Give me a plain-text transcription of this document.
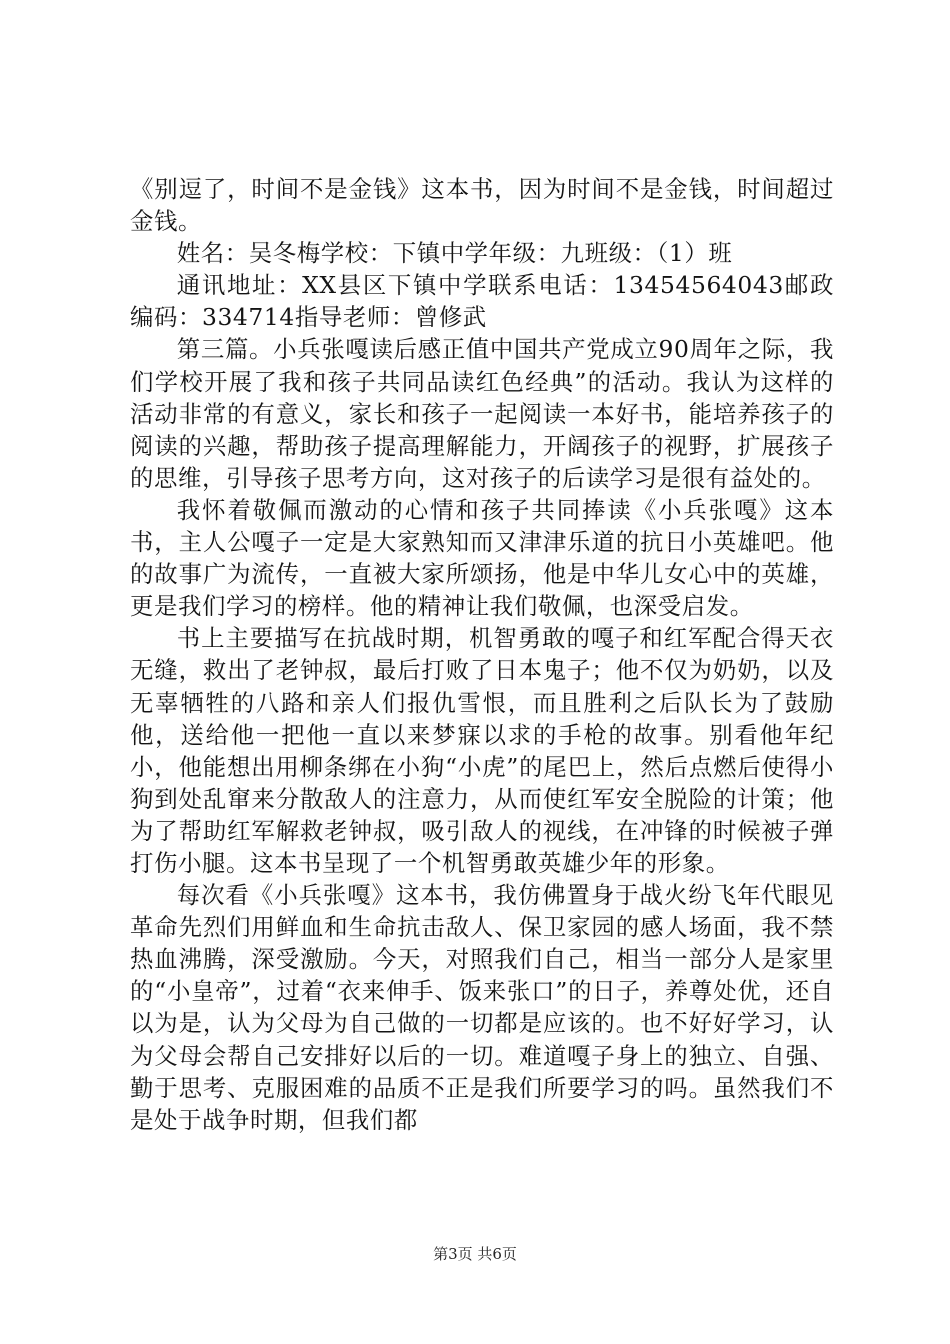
《别逗了，时间不是金钱》这本书，因为时间不是金钱，时间超过金钱。

姓名：吴冬梅学校：下镇中学年级：九班级：（1）班

通讯地址：XX县区下镇中学联系电话：13454564043邮政编码：334714指导老师：曾修武

第三篇。小兵张嘎读后感正值中国共产党成立90周年之际，我们学校开展了我和孩子共同品读红色经典”的活动。我认为这样的活动非常的有意义，家长和孩子一起阅读一本好书，能培养孩子的阅读的兴趣，帮助孩子提高理解能力，开阔孩子的视野，扩展孩子的思维，引导孩子思考方向，这对孩子的后读学习是很有益处的。

我怀着敬佩而激动的心情和孩子共同捧读《小兵张嘎》这本书，主人公嘎子一定是大家熟知而又津津乐道的抗日小英雄吧。他的故事广为流传，一直被大家所颂扬，他是中华儿女心中的英雄，更是我们学习的榜样。他的精神让我们敬佩，也深受启发。

书上主要描写在抗战时期，机智勇敢的嘎子和红军配合得天衣无缝，救出了老钟叔，最后打败了日本鬼子；他不仅为奶奶，以及无辜牺牲的八路和亲人们报仇雪恨，而且胜利之后队长为了鼓励他，送给他一把他一直以来梦寐以求的手枪的故事。别看他年纪小，他能想出用柳条绑在小狗“小虎”的尾巴上，然后点燃后使得小狗到处乱窜来分散敌人的注意力，从而使红军安全脱险的计策；他为了帮助红军解救老钟叔，吸引敌人的视线，在冲锋的时候被子弹打伤小腿。这本书呈现了一个机智勇敢英雄少年的形象。

每次看《小兵张嘎》这本书，我仿佛置身于战火纷飞年代眼见革命先烈们用鲜血和生命抗击敌人、保卫家园的感人场面，我不禁热血沸腾，深受激励。今天，对照我们自己，相当一部分人是家里的“小皇帝”，过着“衣来伸手、饭来张口”的日子，养尊处优，还自以为是，认为父母为自己做的一切都是应该的。也不好好学习，认为父母会帮自己安排好以后的一切。难道嘎子身上的独立、自强、勤于思考、克服困难的品质不正是我们所要学习的吗。虽然我们不是处于战争时期，但我们都

第3页 共6页
